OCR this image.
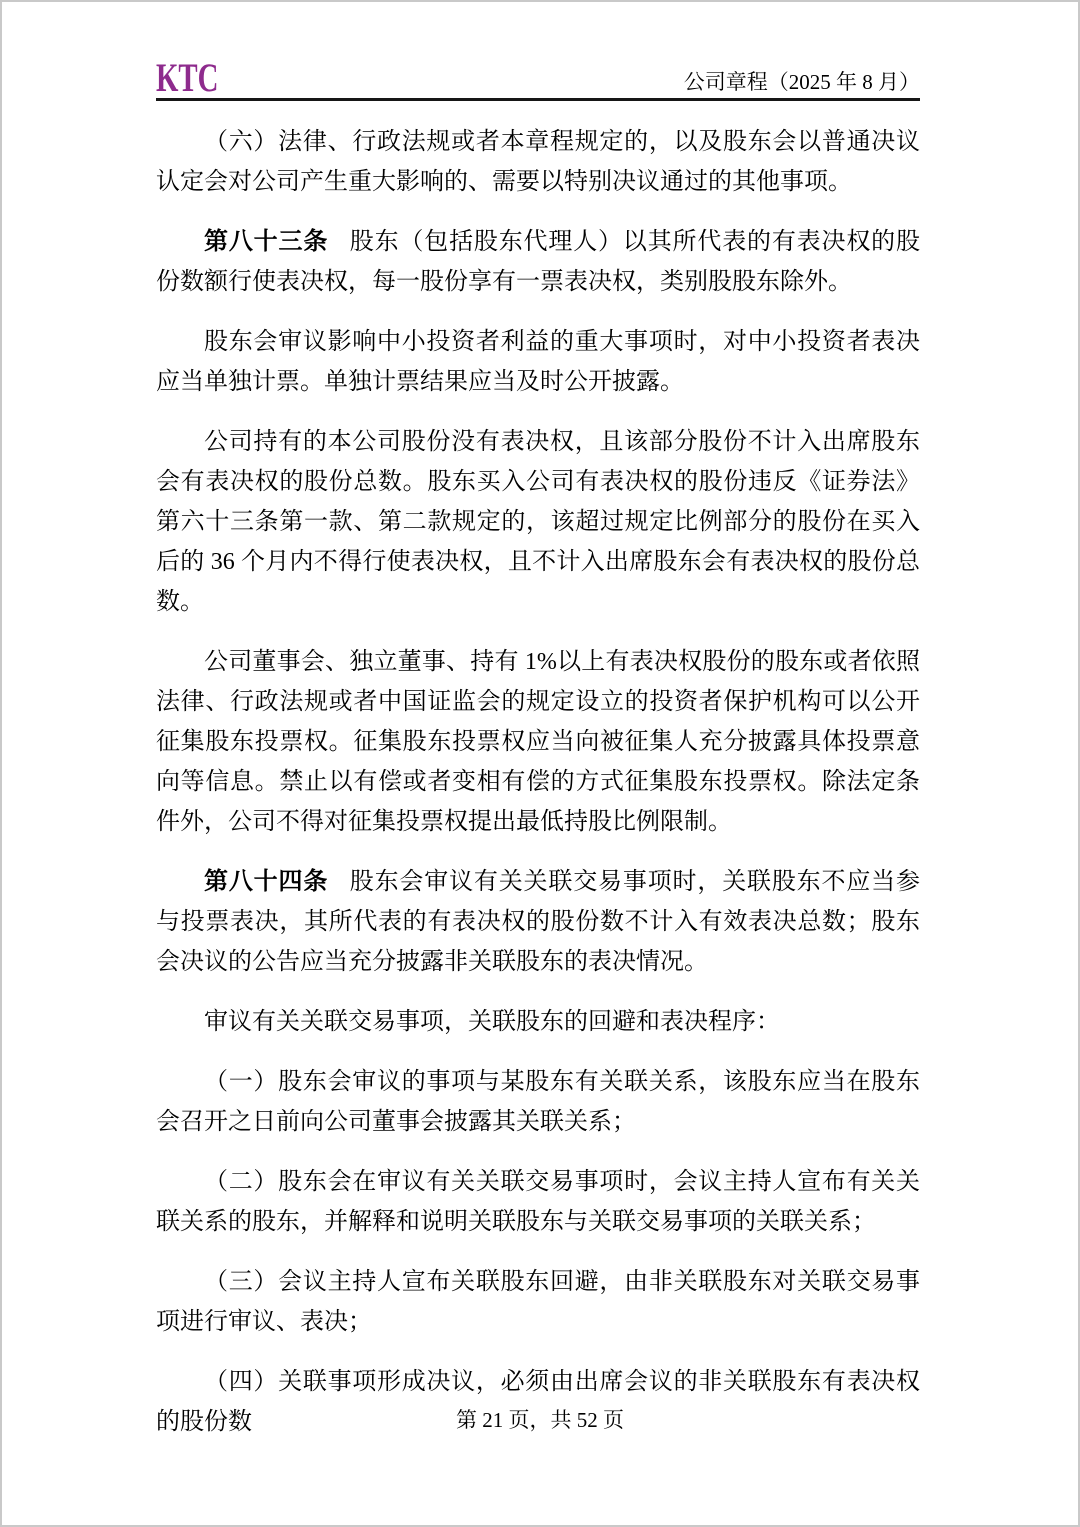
KTC	公司章程（2025 年 8 月）

（六）法律、行政法规或者本章程规定的，以及股东会以普通决议认定会对公司产生重大影响的、需要以特别决议通过的其他事项。

第八十三条 股东（包括股东代理人）以其所代表的有表决权的股份数额行使表决权，每一股份享有一票表决权，类别股股东除外。

股东会审议影响中小投资者利益的重大事项时，对中小投资者表决应当单独计票。单独计票结果应当及时公开披露。

公司持有的本公司股份没有表决权，且该部分股份不计入出席股东会有表决权的股份总数。股东买入公司有表决权的股份违反《证券法》第六十三条第一款、第二款规定的，该超过规定比例部分的股份在买入后的 36 个月内不得行使表决权，且不计入出席股东会有表决权的股份总数。

公司董事会、独立董事、持有 1%以上有表决权股份的股东或者依照法律、行政法规或者中国证监会的规定设立的投资者保护机构可以公开征集股东投票权。征集股东投票权应当向被征集人充分披露具体投票意向等信息。禁止以有偿或者变相有偿的方式征集股东投票权。除法定条件外，公司不得对征集投票权提出最低持股比例限制。

第八十四条 股东会审议有关关联交易事项时，关联股东不应当参与投票表决，其所代表的有表决权的股份数不计入有效表决总数；股东会决议的公告应当充分披露非关联股东的表决情况。

审议有关关联交易事项，关联股东的回避和表决程序：

（一）股东会审议的事项与某股东有关联关系，该股东应当在股东会召开之日前向公司董事会披露其关联关系；

（二）股东会在审议有关关联交易事项时，会议主持人宣布有关关联关系的股东，并解释和说明关联股东与关联交易事项的关联关系；

（三）会议主持人宣布关联股东回避，由非关联股东对关联交易事项进行审议、表决；

（四）关联事项形成决议，必须由出席会议的非关联股东有表决权的股份数	第 21 页，共 52 页
